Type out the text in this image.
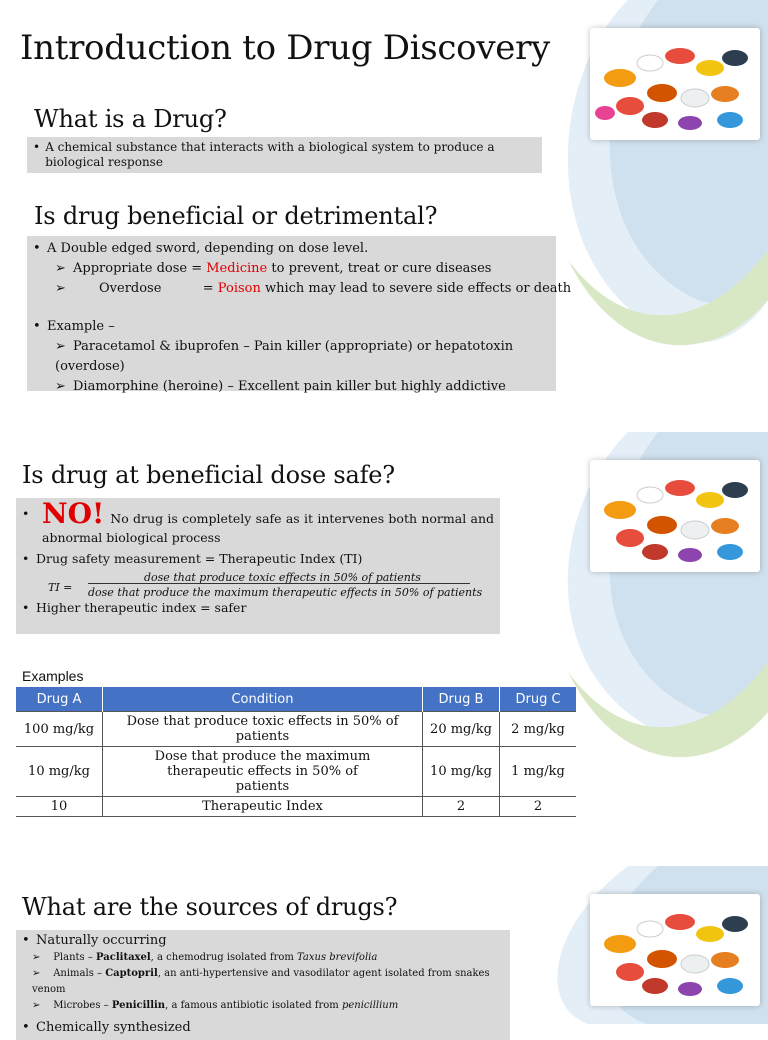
Introduction to Drug Discovery
What is a Drug?
• A chemical substance that interacts with a biological system to produce a biological response
Is drug beneficial or detrimental?
• A Double edged sword, depending on dose level.
➢ Appropriate dose = Medicine to prevent, treat or cure diseases
➢ Overdose          = Poison which may lead to severe side effects or death
• Example –
➢ Paracetamol & ibuprofen – Pain killer (appropriate) or hepatotoxin (overdose)
➢ Diamorphine (heroine) – Excellent pain killer but highly addictive
Is drug at beneficial dose safe?
• NO! No drug is completely safe as it intervenes both normal and abnormal biological process
• Drug safety measurement = Therapeutic Index (TI)
TI =
dose that produce toxic effects in 50% of patients
dose that produce the maximum therapeutic effects in 50% of patients
• Higher therapeutic index = safer
Examples
Drug A	Condition	Drug B	Drug C
100 mg/kg	Dose that produce toxic effects in 50% of patients	20 mg/kg	2 mg/kg
10 mg/kg	Dose that produce the maximum therapeutic effects in 50% of patients	10 mg/kg	1 mg/kg
10	Therapeutic Index	2	2
What are the sources of drugs?
• Naturally occurring
➢ Plants – Paclitaxel, a chemodrug isolated from Taxus brevifolia
➢ Animals – Captopril, an anti-hypertensive and vasodilator agent isolated from snakes venom
➢ Microbes – Penicillin, a famous antibiotic isolated from penicillium
• Chemically synthesized
